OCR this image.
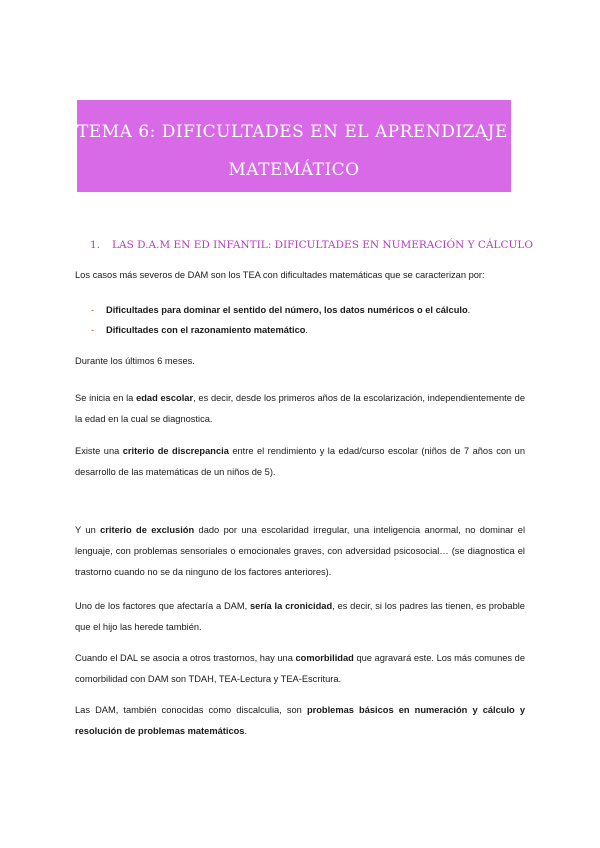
TEMA 6: DIFICULTADES EN EL APRENDIZAJE LÓGICO
MATEMÁTICO
1. LAS D.A.M EN ED INFANTIL: DIFICULTADES EN NUMERACIÓN Y CÁLCULO

Los casos más severos de DAM son los TEA con dificultades matemáticas que se caracterizan por:

- Dificultades para dominar el sentido del número, los datos numéricos o el cálculo.
- Dificultades con el razonamiento matemático.

Durante los últimos 6 meses.

Se inicia en la edad escolar, es decir, desde los primeros años de la escolarización, independientemente de la edad en la cual se diagnostica.

Existe una criterio de discrepancia entre el rendimiento y la edad/curso escolar (niños de 7 años con un desarrollo de las matemáticas de un niños de 5).

Y un criterio de exclusión dado por una escolaridad irregular, una inteligencia anormal, no dominar el lenguaje, con problemas sensoriales o emocionales graves, con adversidad psicosocial… (se diagnostica el trastorno cuando no se da ninguno de los factores anteriores).

Uno de los factores que afectaría a DAM, sería la cronicidad, es decir, si los padres las tienen, es probable que el hijo las herede también.

Cuando el DAL se asocia a otros trastornos, hay una comorbilidad que agravará este. Los más comunes de comorbilidad con DAM son TDAH, TEA-Lectura y TEA-Escritura.

Las DAM, también conocidas como discalculia, son problemas básicos en numeración y cálculo y resolución de problemas matemáticos.
